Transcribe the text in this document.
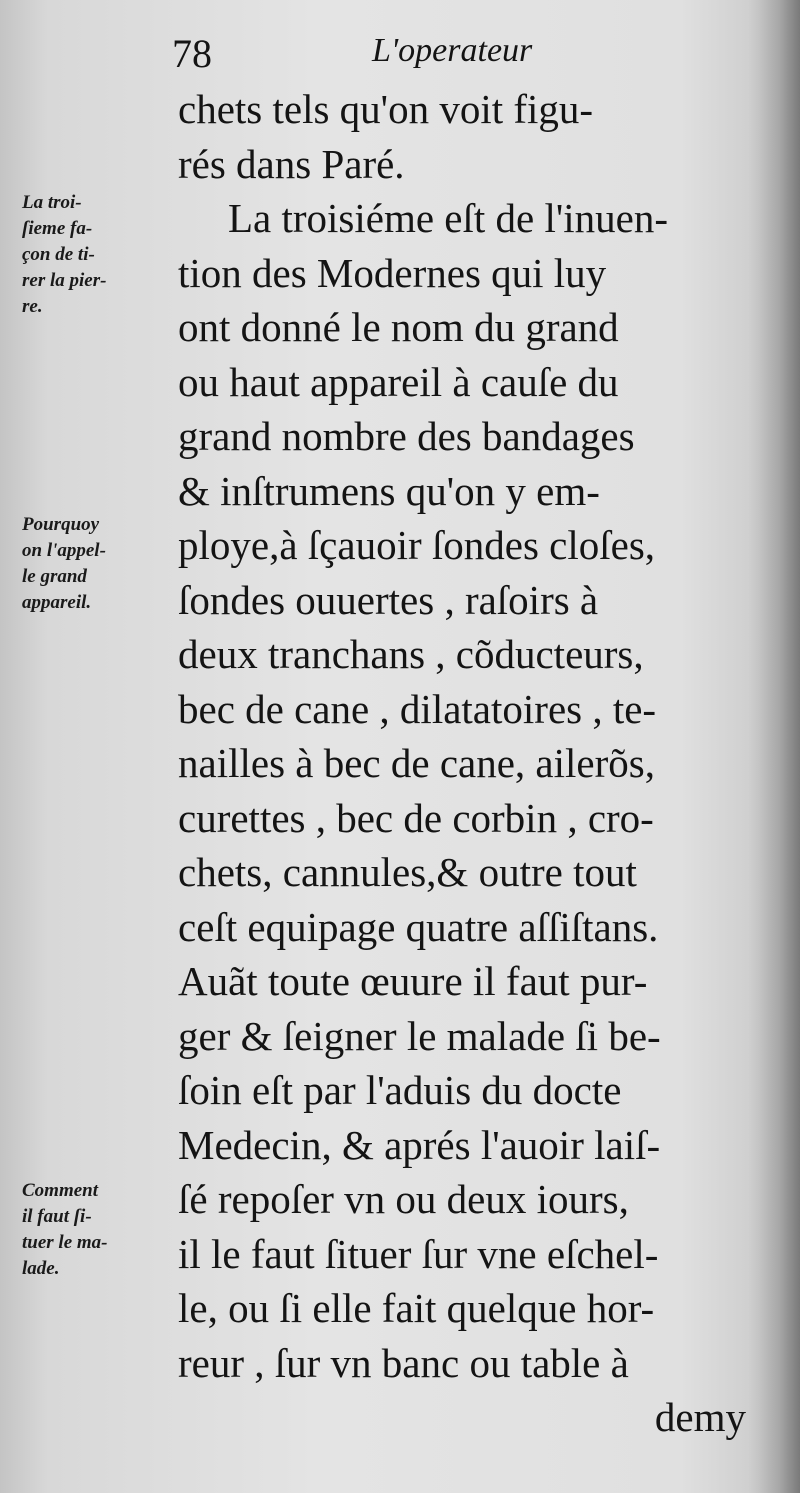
78	L'operateur
La troi-
ſieme fa-
çon de ti-
rer la pier-
re.
Pourquoy
on l'appel-
le grand
appareil.
Comment
il faut ſi-
tuer le ma-
lade.
chets tels qu'on voit figu-
rés dans Paré.
La troisiéme eſt de l'inuen-
tion des Modernes qui luy
ont donné le nom du grand
ou haut appareil à cauſe du
grand nombre des bandages
& inſtrumens qu'on y em-
ploye,à ſçauoir ſondes cloſes,
ſondes ouuertes , raſoirs à
deux tranchans , cõducteurs,
bec de cane , dilatatoires , te-
nailles à bec de cane, ailerõs,
curettes , bec de corbin , cro-
chets, cannules,& outre tout
ceſt equipage quatre aſſiſtans.
Auãt toute œuure il faut pur-
ger & ſeigner le malade ſi be-
ſoin eſt par l'aduis du docte
Medecin, & aprés l'auoir laiſ-
ſé repoſer vn ou deux iours,
il le faut ſituer ſur vne eſchel-
le, ou ſi elle fait quelque hor-
reur , ſur vn banc ou table à
demy
